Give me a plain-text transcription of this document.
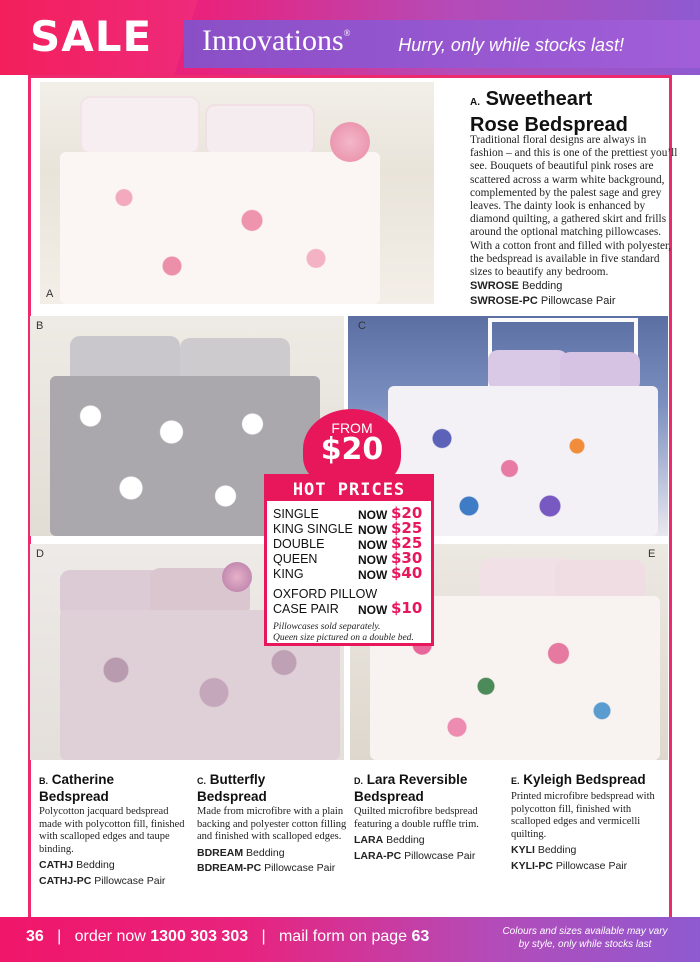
SALE Innovations®
Hurry, only while stocks last!
A
B	C
D	E
A. Sweetheart
Rose Bedspread
Traditional floral designs are always in fashion – and this is one of the prettiest you’ll see. Bouquets of beautiful pink roses are scattered across a warm white background, complemented by the palest sage and grey leaves. The dainty look is enhanced by diamond quilting, a gathered skirt and frills around the optional matching pillowcases. With a cotton front and filled with polyester, the bedspread is available in five standard sizes to beautify any bedroom.
SWROSE Bedding
SWROSE-PC Pillowcase Pair
FROM
$20
HOT PRICES
SINGLE	NOW $20
KING SINGLE NOW $25
DOUBLE	NOW $25
QUEEN	NOW $30
KING	NOW $40
OXFORD PILLOW
CASE PAIR NOW $10
Pillowcases sold separately.
Queen size pictured on a double bed.
B. Catherine
Bedspread
Polycotton jacquard bedspread made with polycotton fill, finished with scalloped edges and taupe binding.
CATHJ Bedding
CATHJ-PC Pillowcase Pair
C. Butterfly
Bedspread
Made from microfibre with a plain backing and polyester cotton filling and finished with scalloped edges.
BDREAM Bedding
BDREAM-PC Pillowcase Pair
D. Lara Reversible
Bedspread
Quilted microfibre bedspread featuring a double ruffle trim.
LARA Bedding
LARA-PC Pillowcase Pair
E. Kyleigh Bedspread
Printed microfibre bedspread with polycotton fill, finished with scalloped edges and vermicelli quilting.
KYLI Bedding
KYLI-PC Pillowcase Pair
36 | order now 1300 303 303 | mail form on page 63	Colours and sizes available may vary
by style, only while stocks last
